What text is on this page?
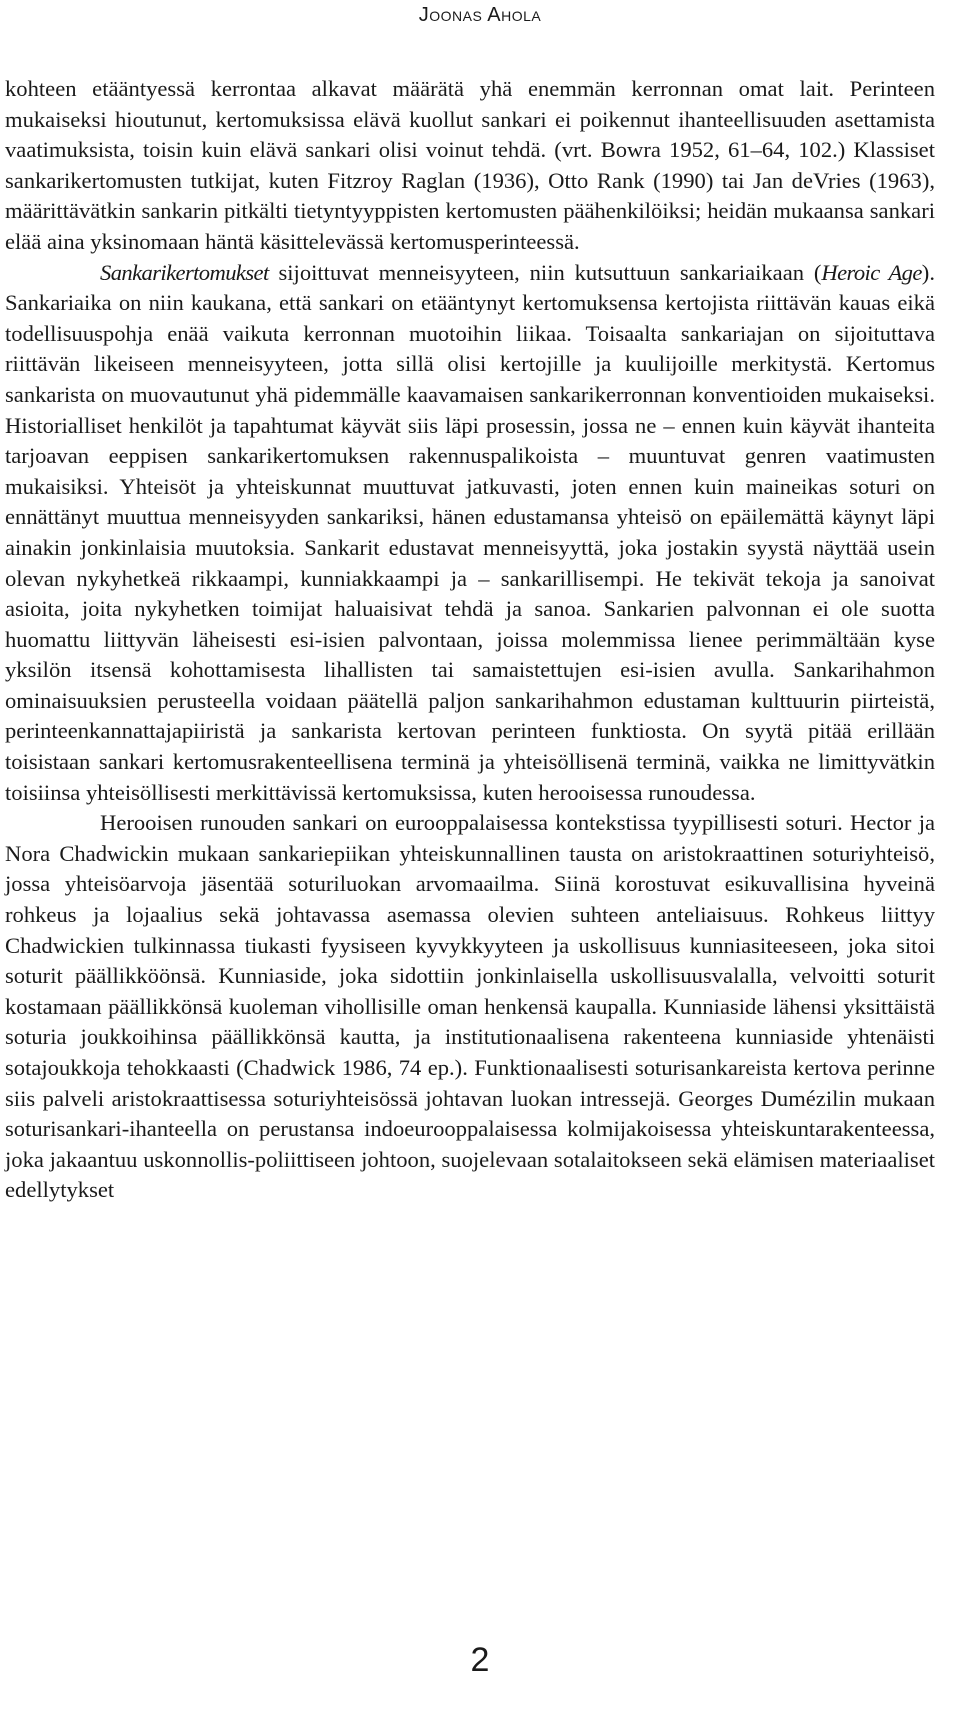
Joonas Ahola

kohteen etääntyessä kerrontaa alkavat määrätä yhä enemmän kerronnan omat lait. Perinteen mukaiseksi hioutunut, kertomuksissa elävä kuollut sankari ei poikennut ihanteellisuuden asettamista vaatimuksista, toisin kuin elävä sankari olisi voinut tehdä. (vrt. Bowra 1952, 61–64, 102.) Klassiset sankarikertomusten tutkijat, kuten Fitzroy Raglan (1936), Otto Rank (1990) tai Jan deVries (1963), määrittävätkin sankarin pitkälti tietyntyyppisten kertomusten päähenkilöiksi; heidän mukaansa sankari elää aina yksinomaan häntä käsittelevässä kertomusperinteessä.

Sankarikertomukset sijoittuvat menneisyyteen, niin kutsuttuun sankariaikaan (Heroic Age). Sankariaika on niin kaukana, että sankari on etääntynyt kertomuksensa kertojista riittävän kauas eikä todellisuuspohja enää vaikuta kerronnan muotoihin liikaa. Toisaalta sankariajan on sijoituttava riittävän likeiseen menneisyyteen, jotta sillä olisi kertojille ja kuulijoille merkitystä. Kertomus sankarista on muovautunut yhä pidemmälle kaavamaisen sankarikerronnan konventioiden mukaiseksi. Historialliset henkilöt ja tapahtumat käyvät siis läpi prosessin, jossa ne – ennen kuin käyvät ihanteita tarjoavan eeppisen sankarikertomuksen rakennuspalikoista – muuntuvat genren vaatimusten mukaisiksi. Yhteisöt ja yhteiskunnat muuttuvat jatkuvasti, joten ennen kuin maineikas soturi on ennättänyt muuttua menneisyyden sankariksi, hänen edustamansa yhteisö on epäilemättä käynyt läpi ainakin jonkinlaisia muutoksia. Sankarit edustavat menneisyyttä, joka jostakin syystä näyttää usein olevan nykyhetkeä rikkaampi, kunniakkaampi ja – sankarillisempi. He tekivät tekoja ja sanoivat asioita, joita nykyhetken toimijat haluaisivat tehdä ja sanoa. Sankarien palvonnan ei ole suotta huomattu liittyvän läheisesti esi-isien palvontaan, joissa molemmissa lienee perimmältään kyse yksilön itsensä kohottamisesta lihallisten tai samaistettujen esi-isien avulla. Sankarihahmon ominaisuuksien perusteella voidaan päätellä paljon sankarihahmon edustaman kulttuurin piirteistä, perinteenkannattajapiiristä ja sankarista kertovan perinteen funktiosta. On syytä pitää erillään toisistaan sankari kertomusrakenteellisena terminä ja yhteisöllisenä terminä, vaikka ne limittyvätkin toisiinsa yhteisöllisesti merkittävissä kertomuksissa, kuten herooisessa runoudessa.

Herooisen runouden sankari on eurooppalaisessa kontekstissa tyypillisesti soturi. Hector ja Nora Chadwickin mukaan sankariepiikan yhteiskunnallinen tausta on aristokraattinen soturiyhteisö, jossa yhteisöarvoja jäsentää soturiluokan arvomaailma. Siinä korostuvat esikuvallisina hyveinä rohkeus ja lojaalius sekä johtavassa asemassa olevien suhteen anteliaisuus. Rohkeus liittyy Chadwickien tulkinnassa tiukasti fyysiseen kyvykkyyteen ja uskollisuus kunniasiteeseen, joka sitoi soturit päällikköönsä. Kunniaside, joka sidottiin jonkinlaisella uskollisuusvalalla, velvoitti soturit kostamaan päällikkönsä kuoleman vihollisille oman henkensä kaupalla. Kunniaside lähensi yksittäistä soturia joukkoihinsa päällikkönsä kautta, ja institutionaalisena rakenteena kunniaside yhtenäisti sotajoukkoja tehokkaasti (Chadwick 1986, 74 ep.). Funktionaalisesti soturisankareista kertova perinne siis palveli aristokraattisessa soturiyhteisössä johtavan luokan intressejä. Georges Dumézilin mukaan soturisankari-ihanteella on perustansa indoeurooppalaisessa kolmijakoisessa yhteiskuntarakenteessa, joka jakaantuu uskonnollis-poliittiseen johtoon, suojelevaan sotalaitokseen sekä elämisen materiaaliset edellytykset

2
